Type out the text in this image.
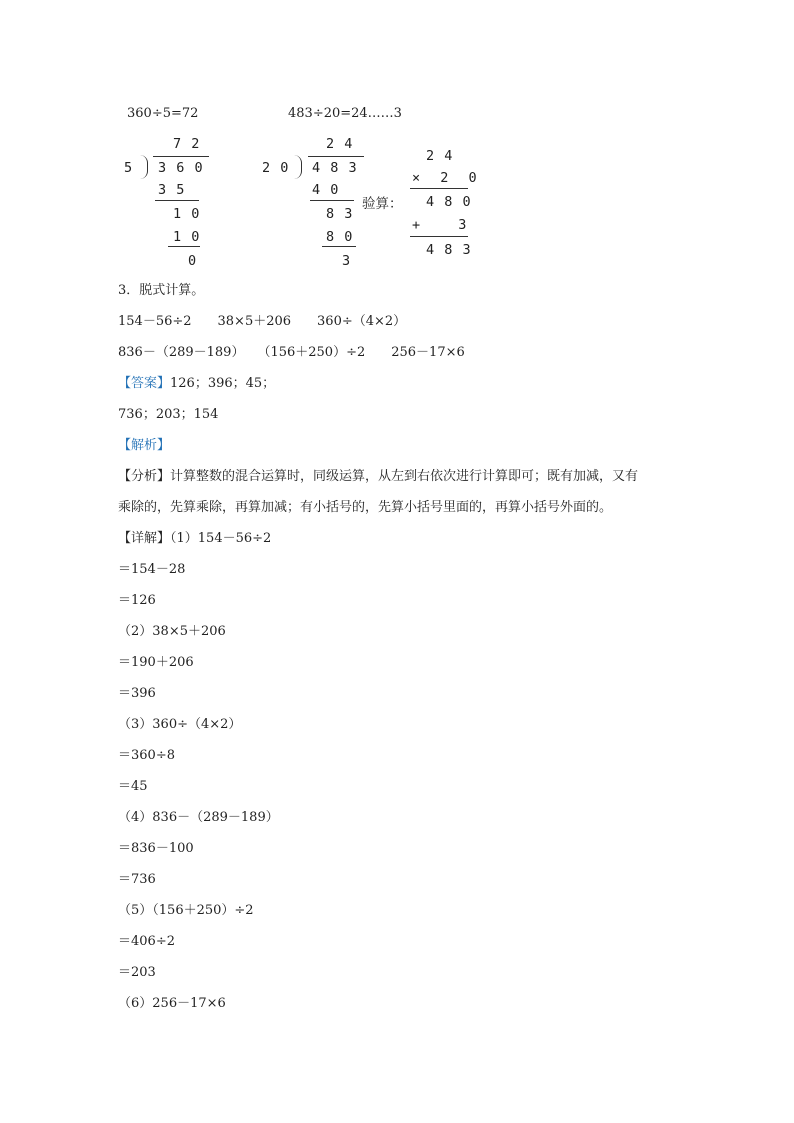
360÷5=72
7 2
5 3 6 0
3 5
1 0
1 0
0
483÷20=24……3
2 4
2 0 4 8 3
4 0
8 3
8 0
3
验算：
2 4
× 2 0
4 8 0
+ 3
4 8 3
3．脱式计算。
154－56÷2　　38×5＋206　　360÷（4×2）
836－（289－189）　　（156＋250）÷2　　256－17×6
【答案】126；396；45；
736；203；154
【解析】
【分析】计算整数的混合运算时，同级运算，从左到右依次进行计算即可；既有加减，又有
乘除的，先算乘除，再算加减；有小括号的，先算小括号里面的，再算小括号外面的。
【详解】（1）154－56÷2
＝154－28
＝126
（2）38×5＋206
＝190＋206
＝396
（3）360÷（4×2）
＝360÷8
＝45
（4）836－（289－189）
＝836－100
＝736
（5）（156＋250）÷2
＝406÷2
＝203
（6）256－17×6
